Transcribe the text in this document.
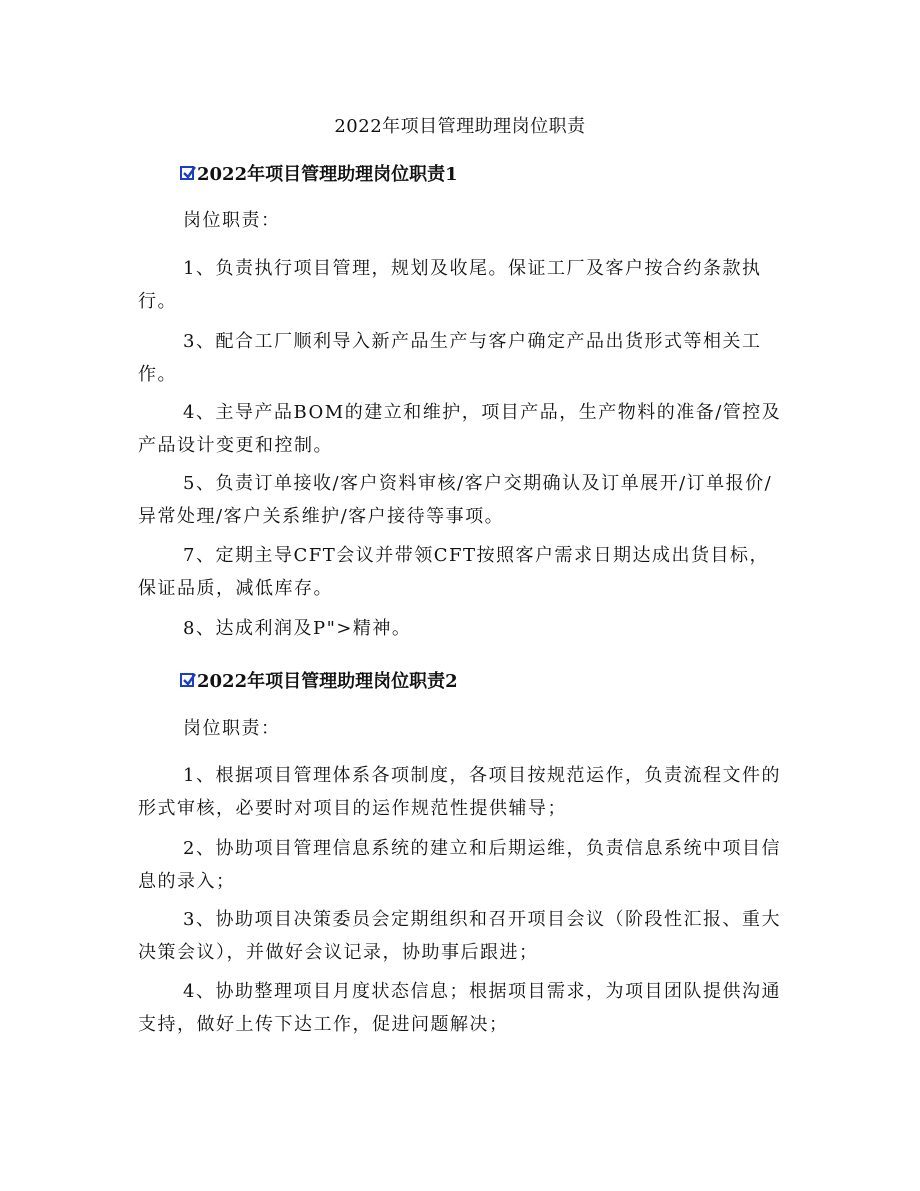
2022年项目管理助理岗位职责
2022年项目管理助理岗位职责1
岗位职责：
1、负责执行项目管理，规划及收尾。保证工厂及客户按合约条款执行。
3、配合工厂顺利导入新产品生产与客户确定产品出货形式等相关工作。
4、主导产品BOM的建立和维护，项目产品，生产物料的准备/管控及产品设计变更和控制。
5、负责订单接收/客户资料审核/客户交期确认及订单展开/订单报价/异常处理/客户关系维护/客户接待等事项。
7、定期主导CFT会议并带领CFT按照客户需求日期达成出货目标，保证品质，减低库存。
8、达成利润及P">精神。
2022年项目管理助理岗位职责2
岗位职责：
1、根据项目管理体系各项制度，各项目按规范运作，负责流程文件的形式审核，必要时对项目的运作规范性提供辅导；
2、协助项目管理信息系统的建立和后期运维，负责信息系统中项目信息的录入；
3、协助项目决策委员会定期组织和召开项目会议（阶段性汇报、重大决策会议），并做好会议记录，协助事后跟进；
4、协助整理项目月度状态信息；根据项目需求，为项目团队提供沟通支持，做好上传下达工作，促进问题解决；
